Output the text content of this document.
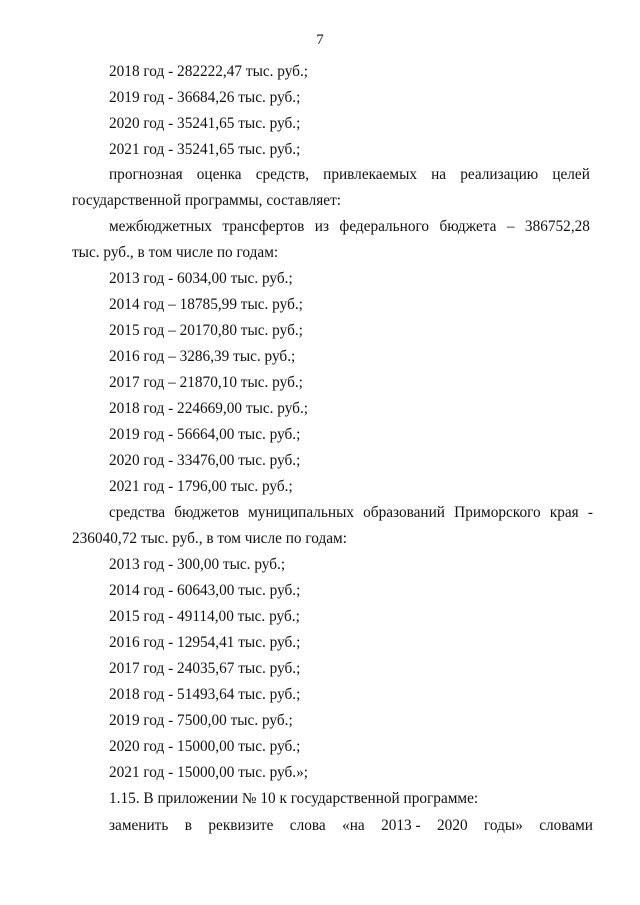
7
2018 год - 282222,47 тыс. руб.;
2019 год - 36684,26 тыс. руб.;
2020 год - 35241,65 тыс. руб.;
2021 год - 35241,65 тыс. руб.;
прогнозная оценка средств, привлекаемых на реализацию целей
государственной программы, составляет:
межбюджетных трансфертов из федерального бюджета – 386752,28
тыс. руб., в том числе по годам:
2013 год - 6034,00 тыс. руб.;
2014 год – 18785,99 тыс. руб.;
2015 год – 20170,80 тыс. руб.;
2016 год – 3286,39 тыс. руб.;
2017 год – 21870,10 тыс. руб.;
2018 год - 224669,00 тыс. руб.;
2019 год - 56664,00 тыс. руб.;
2020 год - 33476,00 тыс. руб.;
2021 год - 1796,00 тыс. руб.;
средства бюджетов муниципальных образований Приморского края -
236040,72 тыс. руб., в том числе по годам:
2013 год - 300,00 тыс. руб.;
2014 год - 60643,00 тыс. руб.;
2015 год - 49114,00 тыс. руб.;
2016 год - 12954,41 тыс. руб.;
2017 год - 24035,67 тыс. руб.;
2018 год - 51493,64 тыс. руб.;
2019 год - 7500,00 тыс. руб.;
2020 год - 15000,00 тыс. руб.;
2021 год - 15000,00 тыс. руб.»;
1.15. В приложении № 10 к государственной программе:
заменить в реквизите слова «на 2013 - 2020 годы» словами
